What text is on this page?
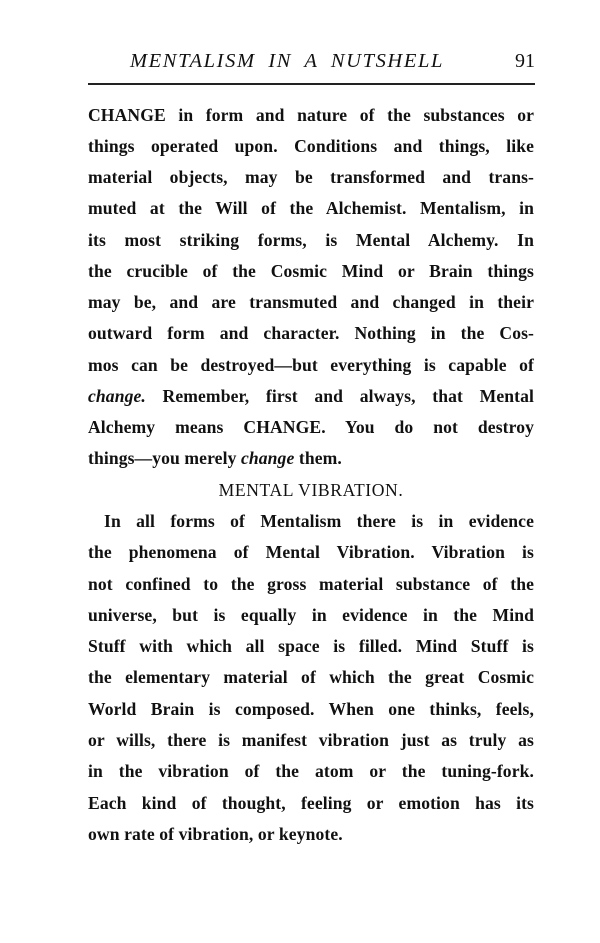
MENTALISM IN A NUTSHELL	91
CHANGE in form and nature of the substances or
things operated upon. Conditions and things, like
material objects, may be transformed and trans-
muted at the Will of the Alchemist. Mentalism, in
its most striking forms, is Mental Alchemy. In
the crucible of the Cosmic Mind or Brain things
may be, and are transmuted and changed in their
outward form and character. Nothing in the Cos-
mos can be destroyed—but everything is capable of
change. Remember, first and always, that Mental
Alchemy means CHANGE. You do not destroy
things—you merely change them.
MENTAL VIBRATION.
In all forms of Mentalism there is in evidence
the phenomena of Mental Vibration. Vibration is
not confined to the gross material substance of the
universe, but is equally in evidence in the Mind
Stuff with which all space is filled. Mind Stuff is
the elementary material of which the great Cosmic
World Brain is composed. When one thinks, feels,
or wills, there is manifest vibration just as truly as
in the vibration of the atom or the tuning-fork.
Each kind of thought, feeling or emotion has its
own rate of vibration, or keynote.
